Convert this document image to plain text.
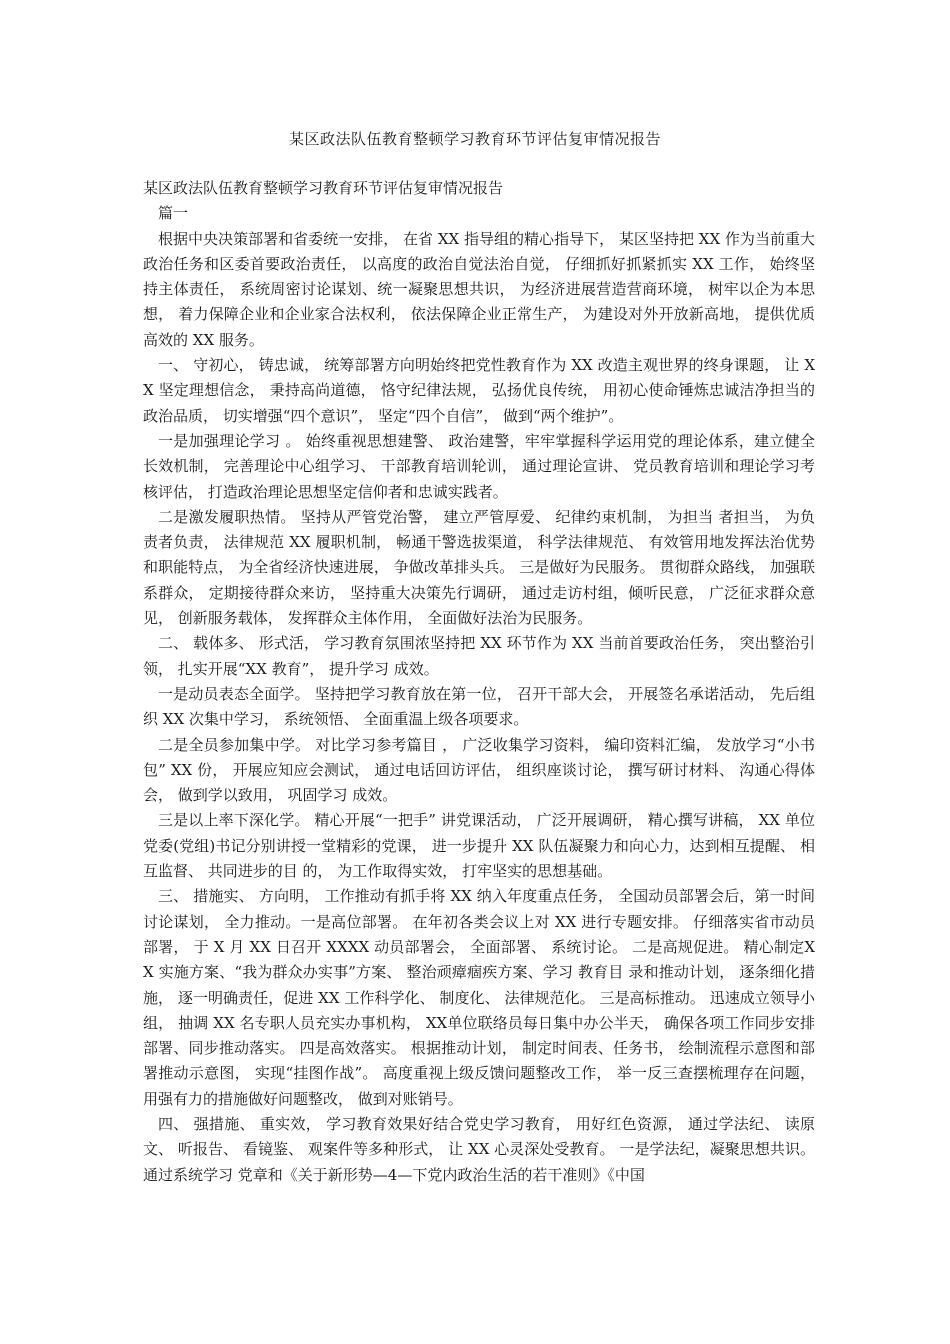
某区政法队伍教育整顿学习教育环节评估复审情况报告

某区政法队伍教育整顿学习教育环节评估复审情况报告

篇一

根据中央决策部署和省委统一安排， 在省 XX 指导组的精心指导下， 某区坚持把 XX 作为当前重大政治任务和区委首要政治责任， 以高度的政治自觉法治自觉， 仔细抓好抓紧抓实 XX 工作， 始终坚持主体责任， 系统周密讨论谋划、统一凝聚思想共识， 为经济进展营造营商环境， 树牢以企为本思想， 着力保障企业和企业家合法权利， 依法保障企业正常生产， 为建设对外开放新高地， 提供优质高效的 XX 服务。

一、 守初心， 铸忠诚， 统筹部署方向明始终把党性教育作为 XX 改造主观世界的终身课题， 让 XX 坚定理想信念， 秉持高尚道德， 恪守纪律法规， 弘扬优良传统， 用初心使命锤炼忠诚洁净担当的政治品质， 切实增强“四个意识”， 坚定“四个自信”， 做到“两个维护”。

一是加强理论学习 。 始终重视思想建警、 政治建警，牢牢掌握科学运用党的理论体系，建立健全长效机制， 完善理论中心组学习、 干部教育培训轮训， 通过理论宣讲、 党员教育培训和理论学习考核评估， 打造政治理论思想坚定信仰者和忠诚实践者。

二是激发履职热情。 坚持从严管党治警， 建立严管厚爱、 纪律约束机制， 为担当 者担当， 为负责者负责， 法律规范 XX 履职机制， 畅通干警选拔渠道， 科学法律规范、 有效管用地发挥法治优势和职能特点， 为全省经济快速进展， 争做改革排头兵。 三是做好为民服务。 贯彻群众路线， 加强联系群众， 定期接待群众来访， 坚持重大决策先行调研， 通过走访村组，倾听民意， 广泛征求群众意见， 创新服务载体， 发挥群众主体作用， 全面做好法治为民服务。

二、 载体多、 形式活， 学习教育氛围浓坚持把 XX 环节作为 XX 当前首要政治任务， 突出整治引领， 扎实开展“XX 教育”， 提升学习 成效。

一是动员表态全面学。 坚持把学习教育放在第一位， 召开干部大会， 开展签名承诺活动， 先后组织 XX 次集中学习， 系统领悟、 全面重温上级各项要求。

二是全员参加集中学。 对比学习参考篇目 ， 广泛收集学习资料， 编印资料汇编， 发放学习“小书包” XX 份， 开展应知应会测试， 通过电话回访评估， 组织座谈讨论， 撰写研讨材料、 沟通心得体会， 做到学以致用， 巩固学习 成效。

三是以上率下深化学。 精心开展“一把手” 讲党课活动， 广泛开展调研， 精心撰写讲稿， XX 单位党委(党组)书记分别讲授一堂精彩的党课， 进一步提升 XX 队伍凝聚力和向心力，达到相互提醒、 相互监督、 共同进步的目 的， 为工作取得实效， 打牢坚实的思想基础。

三、 措施实、 方向明， 工作推动有抓手将 XX 纳入年度重点任务， 全国动员部署会后，第一时间讨论谋划， 全力推动。一是高位部署。 在年初各类会议上对 XX 进行专题安排。 仔细落实省市动员部署， 于 X 月 XX 日召开 XXXX 动员部署会， 全面部署、 系统讨论。 二是高规促进。 精心制定XX 实施方案、“我为群众办实事”方案、 整治顽瘴痼疾方案、学习 教育目 录和推动计划， 逐条细化措施， 逐一明确责任，促进 XX 工作科学化、 制度化、 法律规范化。 三是高标推动。 迅速成立领导小组， 抽调 XX 名专职人员充实办事机构， XX单位联络员每日集中办公半天， 确保各项工作同步安排部署、同步推动落实。 四是高效落实。 根据推动计划， 制定时间表、任务书， 绘制流程示意图和部署推动示意图， 实现“挂图作战”。 高度重视上级反馈问题整改工作， 举一反三查摆梳理存在问题， 用强有力的措施做好问题整改， 做到对账销号。

四、 强措施、 重实效， 学习教育效果好结合党史学习教育， 用好红色资源， 通过学法纪、 读原文、 听报告、 看镜鉴、 观案件等多种形式， 让 XX 心灵深处受教育。 一是学法纪，凝聚思想共识。 通过系统学习 党章和《关于新形势—4—下党内政治生活的若干准则》《中国
